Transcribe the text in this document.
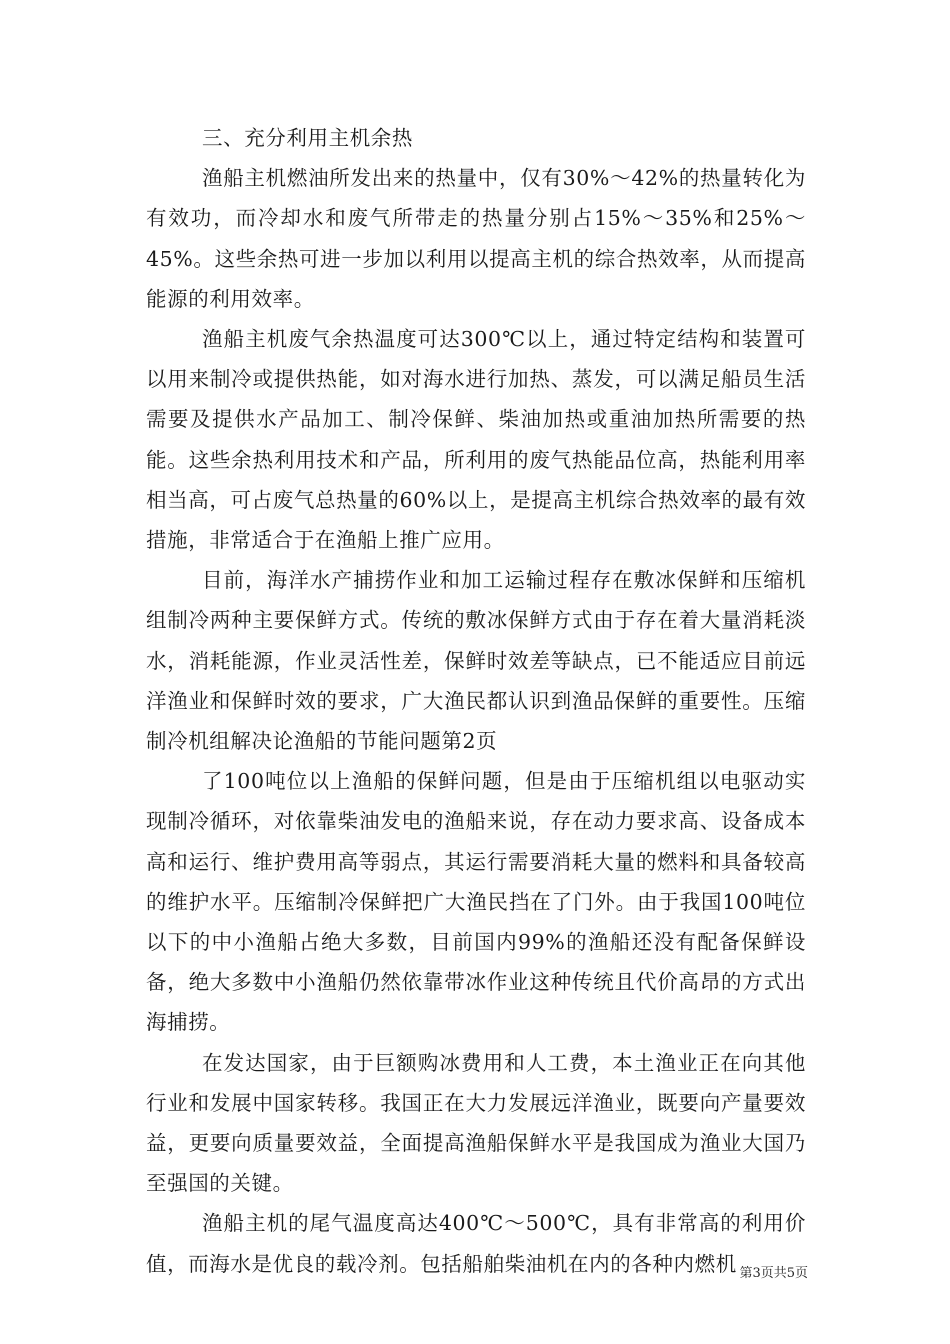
三、充分利用主机余热

渔船主机燃油所发出来的热量中，仅有30%～42%的热量转化为有效功，而冷却水和废气所带走的热量分别占15%～35%和25%～45%。这些余热可进一步加以利用以提高主机的综合热效率，从而提高能源的利用效率。

渔船主机废气余热温度可达300℃以上，通过特定结构和装置可以用来制冷或提供热能，如对海水进行加热、蒸发，可以满足船员生活需要及提供水产品加工、制冷保鲜、柴油加热或重油加热所需要的热能。这些余热利用技术和产品，所利用的废气热能品位高，热能利用率相当高，可占废气总热量的60%以上，是提高主机综合热效率的最有效措施，非常适合于在渔船上推广应用。

目前，海洋水产捕捞作业和加工运输过程存在敷冰保鲜和压缩机组制冷两种主要保鲜方式。传统的敷冰保鲜方式由于存在着大量消耗淡水，消耗能源，作业灵活性差，保鲜时效差等缺点，已不能适应目前远洋渔业和保鲜时效的要求，广大渔民都认识到渔品保鲜的重要性。压缩制冷机组解决论渔船的节能问题第2页

了100吨位以上渔船的保鲜问题，但是由于压缩机组以电驱动实现制冷循环，对依靠柴油发电的渔船来说，存在动力要求高、设备成本高和运行、维护费用高等弱点，其运行需要消耗大量的燃料和具备较高的维护水平。压缩制冷保鲜把广大渔民挡在了门外。由于我国100吨位以下的中小渔船占绝大多数，目前国内99%的渔船还没有配备保鲜设备，绝大多数中小渔船仍然依靠带冰作业这种传统且代价高昂的方式出海捕捞。

在发达国家，由于巨额购冰费用和人工费，本土渔业正在向其他行业和发展中国家转移。我国正在大力发展远洋渔业，既要向产量要效益，更要向质量要效益，全面提高渔船保鲜水平是我国成为渔业大国乃至强国的关键。

渔船主机的尾气温度高达400℃～500℃，具有非常高的利用价值，而海水是优良的载冷剂。包括船舶柴油机在内的各种内燃机 第3页共5页
